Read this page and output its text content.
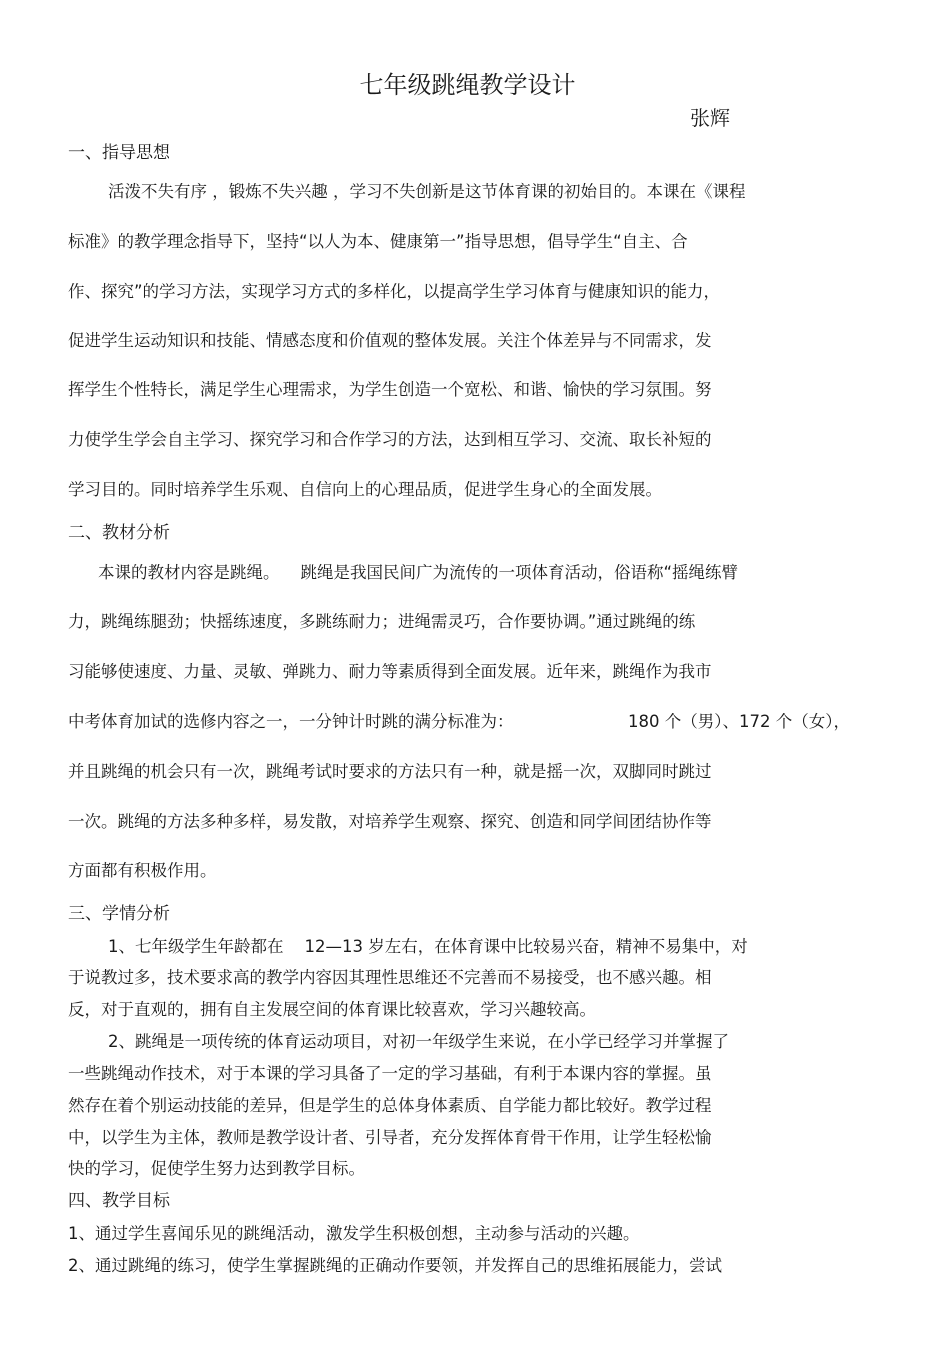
七年级跳绳教学设计
张辉
一、指导思想
活泼不失有序 ，锻炼不失兴趣 ，学习不失创新是这节体育课的初始目的。本课在《课程
标准》的教学理念指导下，坚持“以人为本、健康第一”指导思想，倡导学生“自主、合
作、探究”的学习方法，实现学习方式的多样化，以提高学生学习体育与健康知识的能力，
促进学生运动知识和技能、情感态度和价值观的整体发展。关注个体差异与不同需求，发
挥学生个性特长，满足学生心理需求，为学生创造一个宽松、和谐、愉快的学习氛围。努
力使学生学会自主学习、探究学习和合作学习的方法，达到相互学习、交流、取长补短的
学习目的。同时培养学生乐观、自信向上的心理品质，促进学生身心的全面发展。
二、教材分析
本课的教材内容是跳绳。    跳绳是我国民间广为流传的一项体育活动，俗语称“摇绳练臂
力，跳绳练腿劲；快摇练速度，多跳练耐力；进绳需灵巧，合作要协调。”通过跳绳的练
习能够使速度、力量、灵敏、弹跳力、耐力等素质得到全面发展。近年来，跳绳作为我市
中考体育加试的选修内容之一，一分钟计时跳的满分标准为：	180 个（男）、172 个（女），
并且跳绳的机会只有一次，跳绳考试时要求的方法只有一种，就是摇一次，双脚同时跳过
一次。跳绳的方法多种多样，易发散，对培养学生观察、探究、创造和同学间团结协作等
方面都有积极作用。
三、学情分析
1、七年级学生年龄都在    12—13 岁左右，在体育课中比较易兴奋，精神不易集中，对
于说教过多，技术要求高的教学内容因其理性思维还不完善而不易接受，也不感兴趣。相
反，对于直观的，拥有自主发展空间的体育课比较喜欢，学习兴趣较高。
2、跳绳是一项传统的体育运动项目，对初一年级学生来说，在小学已经学习并掌握了
一些跳绳动作技术，对于本课的学习具备了一定的学习基础，有利于本课内容的掌握。虽
然存在着个别运动技能的差异，但是学生的总体身体素质、自学能力都比较好。教学过程
中，以学生为主体，教师是教学设计者、引导者，充分发挥体育骨干作用，让学生轻松愉
快的学习，促使学生努力达到教学目标。
四、教学目标
1、通过学生喜闻乐见的跳绳活动，激发学生积极创想，主动参与活动的兴趣。
2、通过跳绳的练习，使学生掌握跳绳的正确动作要领，并发挥自己的思维拓展能力，尝试
